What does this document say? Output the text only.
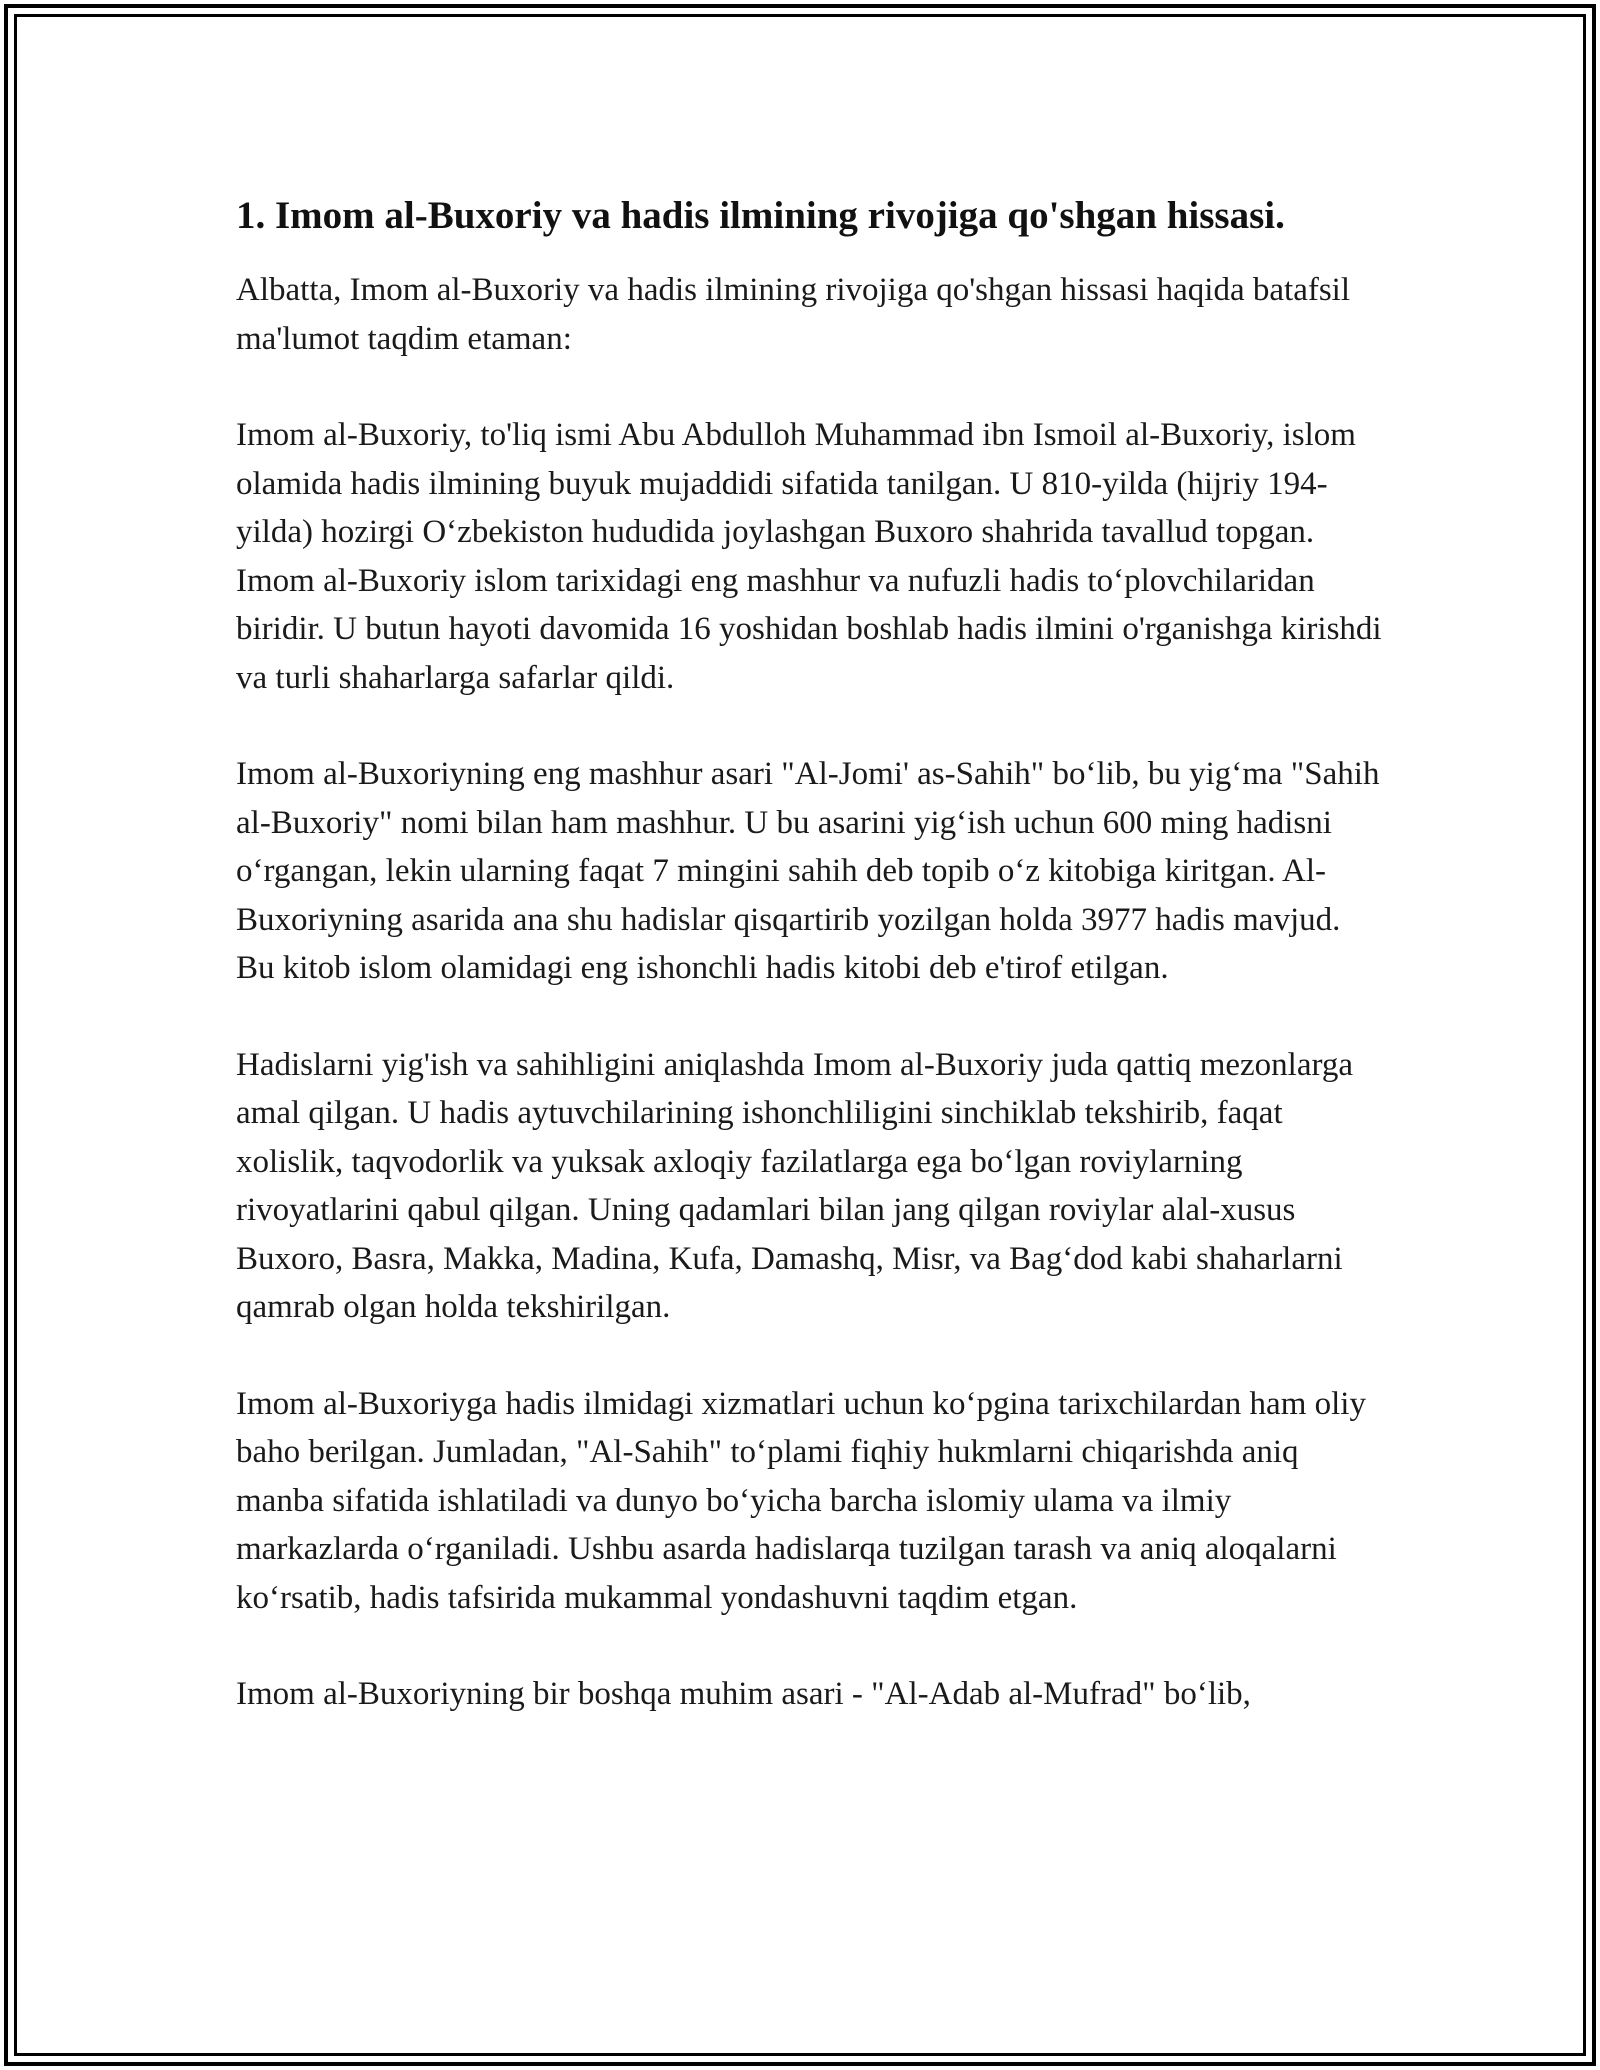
1. Imom al-Buxoriy va hadis ilmining rivojiga qo'shgan hissasi.

Albatta, Imom al-Buxoriy va hadis ilmining rivojiga qo'shgan hissasi haqida batafsil ma'lumot taqdim etaman:

Imom al-Buxoriy, to'liq ismi Abu Abdulloh Muhammad ibn Ismoil al-Buxoriy, islom olamida hadis ilmining buyuk mujaddidi sifatida tanilgan. U 810-yilda (hijriy 194-yilda) hozirgi O‘zbekiston hududida joylashgan Buxoro shahrida tavallud topgan. Imom al-Buxoriy islom tarixidagi eng mashhur va nufuzli hadis to‘plovchilaridan biridir. U butun hayoti davomida 16 yoshidan boshlab hadis ilmini o'rganishga kirishdi va turli shaharlarga safarlar qildi.

Imom al-Buxoriyning eng mashhur asari "Al-Jomi' as-Sahih" bo‘lib, bu yig‘ma "Sahih al-Buxoriy" nomi bilan ham mashhur. U bu asarini yig‘ish uchun 600 ming hadisni o‘rgangan, lekin ularning faqat 7 mingini sahih deb topib o‘z kitobiga kiritgan. Al-Buxoriyning asarida ana shu hadislar qisqartirib yozilgan holda 3977 hadis mavjud. Bu kitob islom olamidagi eng ishonchli hadis kitobi deb e'tirof etilgan.

Hadislarni yig'ish va sahihligini aniqlashda Imom al-Buxoriy juda qattiq mezonlarga amal qilgan. U hadis aytuvchilarining ishonchliligini sinchiklab tekshirib, faqat xolislik, taqvodorlik va yuksak axloqiy fazilatlarga ega bo‘lgan roviylarning rivoyatlarini qabul qilgan. Uning qadamlari bilan jang qilgan roviylar alal-xusus Buxoro, Basra, Makka, Madina, Kufa, Damashq, Misr, va Bag‘dod kabi shaharlarni qamrab olgan holda tekshirilgan.

Imom al-Buxoriyga hadis ilmidagi xizmatlari uchun ko‘pgina tarixchilardan ham oliy baho berilgan. Jumladan, "Al-Sahih" to‘plami fiqhiy hukmlarni chiqarishda aniq manba sifatida ishlatiladi va dunyo bo‘yicha barcha islomiy ulama va ilmiy markazlarda o‘rganiladi. Ushbu asarda hadislarqa tuzilgan tarash va aniq aloqalarni ko‘rsatib, hadis tafsirida mukammal yondashuvni taqdim etgan.

Imom al-Buxoriyning bir boshqa muhim asari - "Al-Adab al-Mufrad" bo‘lib,
